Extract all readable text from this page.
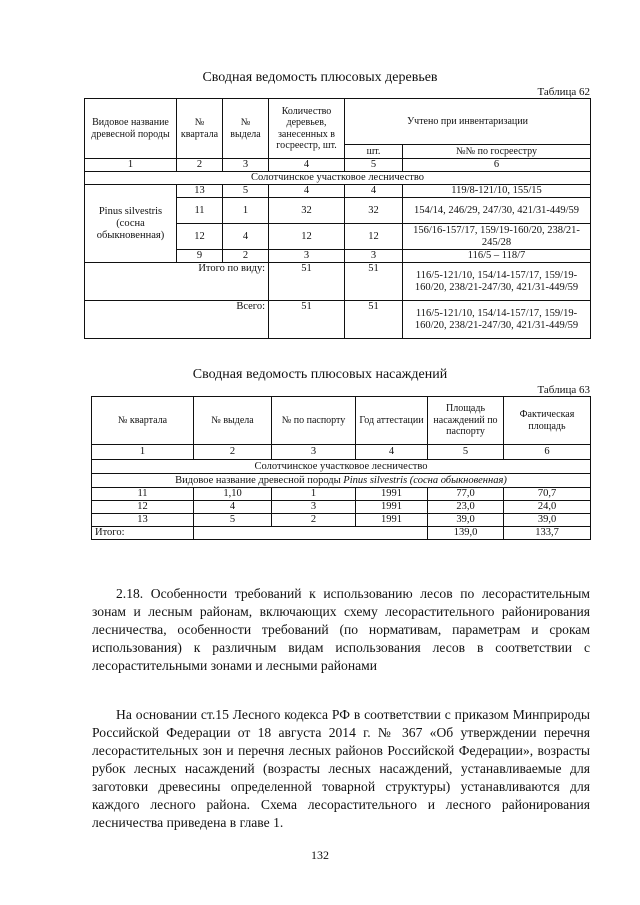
Сводная ведомость плюсовых деревьев
Таблица 62
Видовое название древесной породы	№ квартала	№ выдела	Количество деревьев, занесенных в госреестр, шт.	Учтено при инвентаризации	
				шт.	№№ по госреестру
1	2	3	4	5	6
Солотчинское участковое лесничество					
Pinus silvestris (сосна обыкновенная)	13	5	4	4	119/8-121/10, 155/15
	11	1	32	32	154/14, 246/29, 247/30, 421/31-449/59
	12	4	12	12	156/16-157/17, 159/19-160/20, 238/21-245/28
	9	2	3	3	116/5 – 118/7
Итого по виду:			51	51	116/5-121/10, 154/14-157/17, 159/19-160/20, 238/21-247/30, 421/31-449/59
Всего:			51	51	116/5-121/10, 154/14-157/17, 159/19-160/20, 238/21-247/30, 421/31-449/59
Сводная ведомость плюсовых насаждений
Таблица 63
№ квартала	№ выдела	№ по паспорту	Год аттестации	Площадь насаждений по паспорту	Фактическая площадь
1	2	3	4	5	6
Солотчинское участковое лесничество					
Видовое название древесной породы Pinus silvestris (сосна обыкновенная)					
11	1,10	1	1991	77,0	70,7
12	4	3	1991	23,0	24,0
13	5	2	1991	39,0	39,0
Итого:				139,0	133,7
2.18. Особенности требований к использованию лесов по лесорастительным зонам и лесным районам, включающих схему лесорастительного районирования лесничества, особенности требований (по нормативам, параметрам и срокам использования) к различным видам использования лесов в соответствии с лесорастительными зонами и лесными районами
На основании ст.15 Лесного кодекса РФ в соответствии с приказом Минприроды Российской Федерации от 18 августа 2014 г. № 367 «Об утверждении перечня лесорастительных зон и перечня лесных районов Российской Федерации», возрасты рубок лесных насаждений (возрасты лесных насаждений, устанавливаемые для заготовки древесины определенной товарной структуры) устанавливаются для каждого лесного района. Схема лесорастительного и лесного районирования лесничества приведена в главе 1.
132
